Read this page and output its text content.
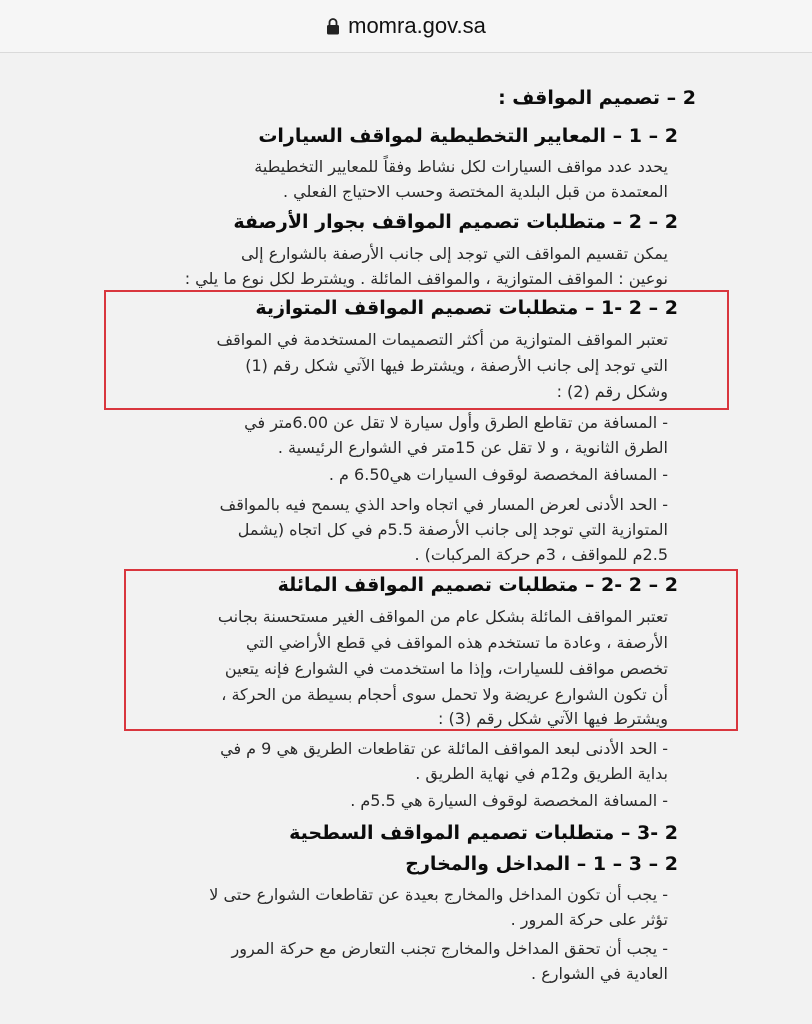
momra.gov.sa
2 – تصميم المواقف :
2 – 1 – المعايير التخطيطية لمواقف السيارات
يحدد عدد مواقف السيارات لكل نشاط وفقاً للمعايير التخطيطية
المعتمدة من قبل البلدية المختصة وحسب الاحتياج الفعلي .
2 – 2 – متطلبات تصميم المواقف بجوار الأرصفة
يمكن تقسيم المواقف التي توجد إلى جانب الأرصفة بالشوارع إلى
نوعين : المواقف المتوازية ، والمواقف المائلة . ويشترط لكل نوع ما يلي :
2 – 2 -1 – متطلبات تصميم المواقف المتوازية
تعتبر المواقف المتوازية من أكثر التصميمات المستخدمة في المواقف
التي توجد إلى جانب الأرصفة ، ويشترط فيها الآتي شكل رقم (1)
وشكل رقم (2) :
- المسافة من تقاطع الطرق وأول سيارة لا تقل عن 6.00متر في
الطرق الثانوية ، و لا تقل عن 15متر في الشوارع الرئيسية .
- المسافة المخصصة لوقوف السيارات هي6.50 م .
- الحد الأدنى لعرض المسار في اتجاه واحد الذي يسمح فيه بالمواقف
المتوازية التي توجد إلى جانب الأرصفة 5.5م في كل اتجاه (يشمل
2.5م للمواقف ، 3م حركة المركبات) .
2 – 2 -2 – متطلبات تصميم المواقف المائلة
تعتبر المواقف المائلة بشكل عام من المواقف الغير مستحسنة بجانب
الأرصفة ، وعادة ما تستخدم هذه المواقف في قطع الأراضي التي
تخصص مواقف للسيارات، وإذا ما استخدمت في الشوارع فإنه يتعين
أن تكون الشوارع عريضة ولا تحمل سوى أحجام بسيطة من الحركة ،
ويشترط فيها الآتي شكل رقم (3) :
- الحد الأدنى لبعد المواقف المائلة عن تقاطعات الطريق هي 9 م في
بداية الطريق و12م في نهاية الطريق .
- المسافة المخصصة لوقوف السيارة هي 5.5م .
2 -3 – متطلبات تصميم المواقف السطحية
2 – 3 – 1 – المداخل والمخارج
- يجب أن تكون المداخل والمخارج بعيدة عن تقاطعات الشوارع حتى لا
تؤثر على حركة المرور .
- يجب أن تحقق المداخل والمخارج تجنب التعارض مع حركة المرور
العادية في الشوارع .
